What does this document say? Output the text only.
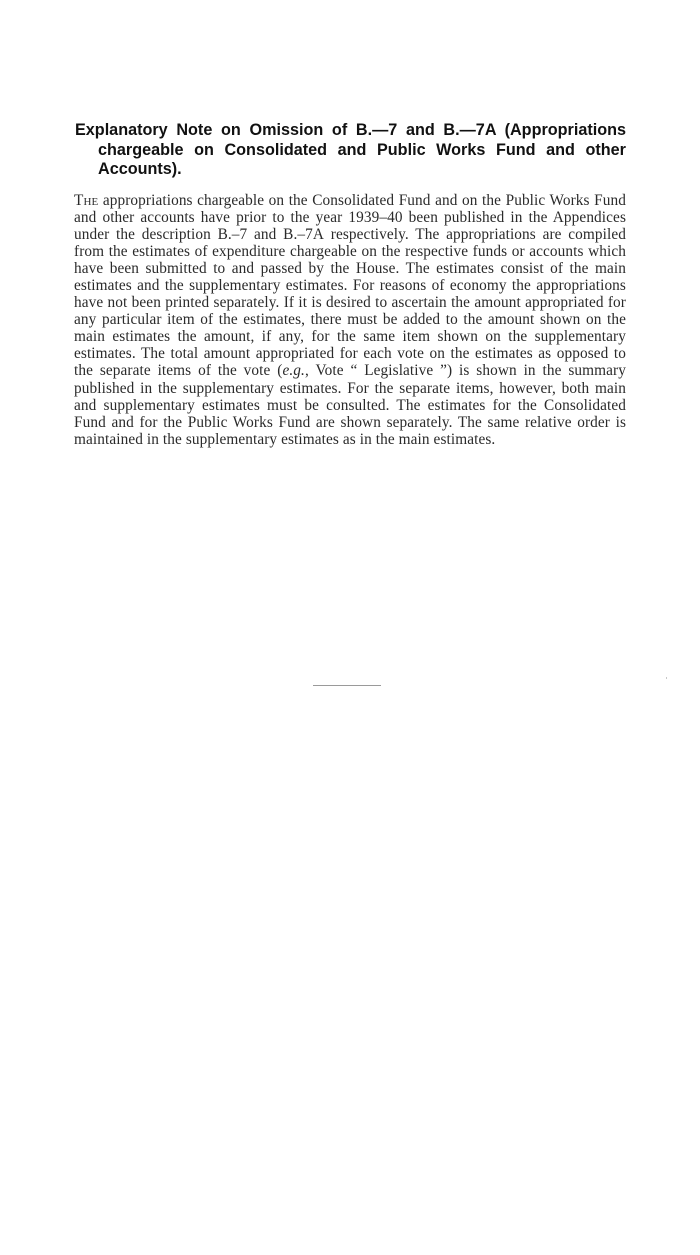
Explanatory Note on Omission of B.—7 and B.—7A (Appropriations chargeable on Consolidated and Public Works Fund and other Accounts).

The appropriations chargeable on the Consolidated Fund and on the Public Works Fund and other accounts have prior to the year 1939–40 been published in the Appendices under the description B.–7 and B.–7A respectively. The appropriations are compiled from the estimates of expenditure chargeable on the respective funds or accounts which have been submitted to and passed by the House. The estimates consist of the main estimates and the supplementary estimates. For reasons of economy the appropriations have not been printed separately. If it is desired to ascertain the amount appropriated for any particular item of the estimates, there must be added to the amount shown on the main estimates the amount, if any, for the same item shown on the supplementary estimates. The total amount appropriated for each vote on the estimates as opposed to the separate items of the vote (e.g., Vote “ Legislative ”) is shown in the summary published in the supplementary estimates. For the separate items, however, both main and supplementary estimates must be consulted. The estimates for the Consolidated Fund and for the Public Works Fund are shown separately. The same relative order is maintained in the supplementary estimates as in the main estimates.
